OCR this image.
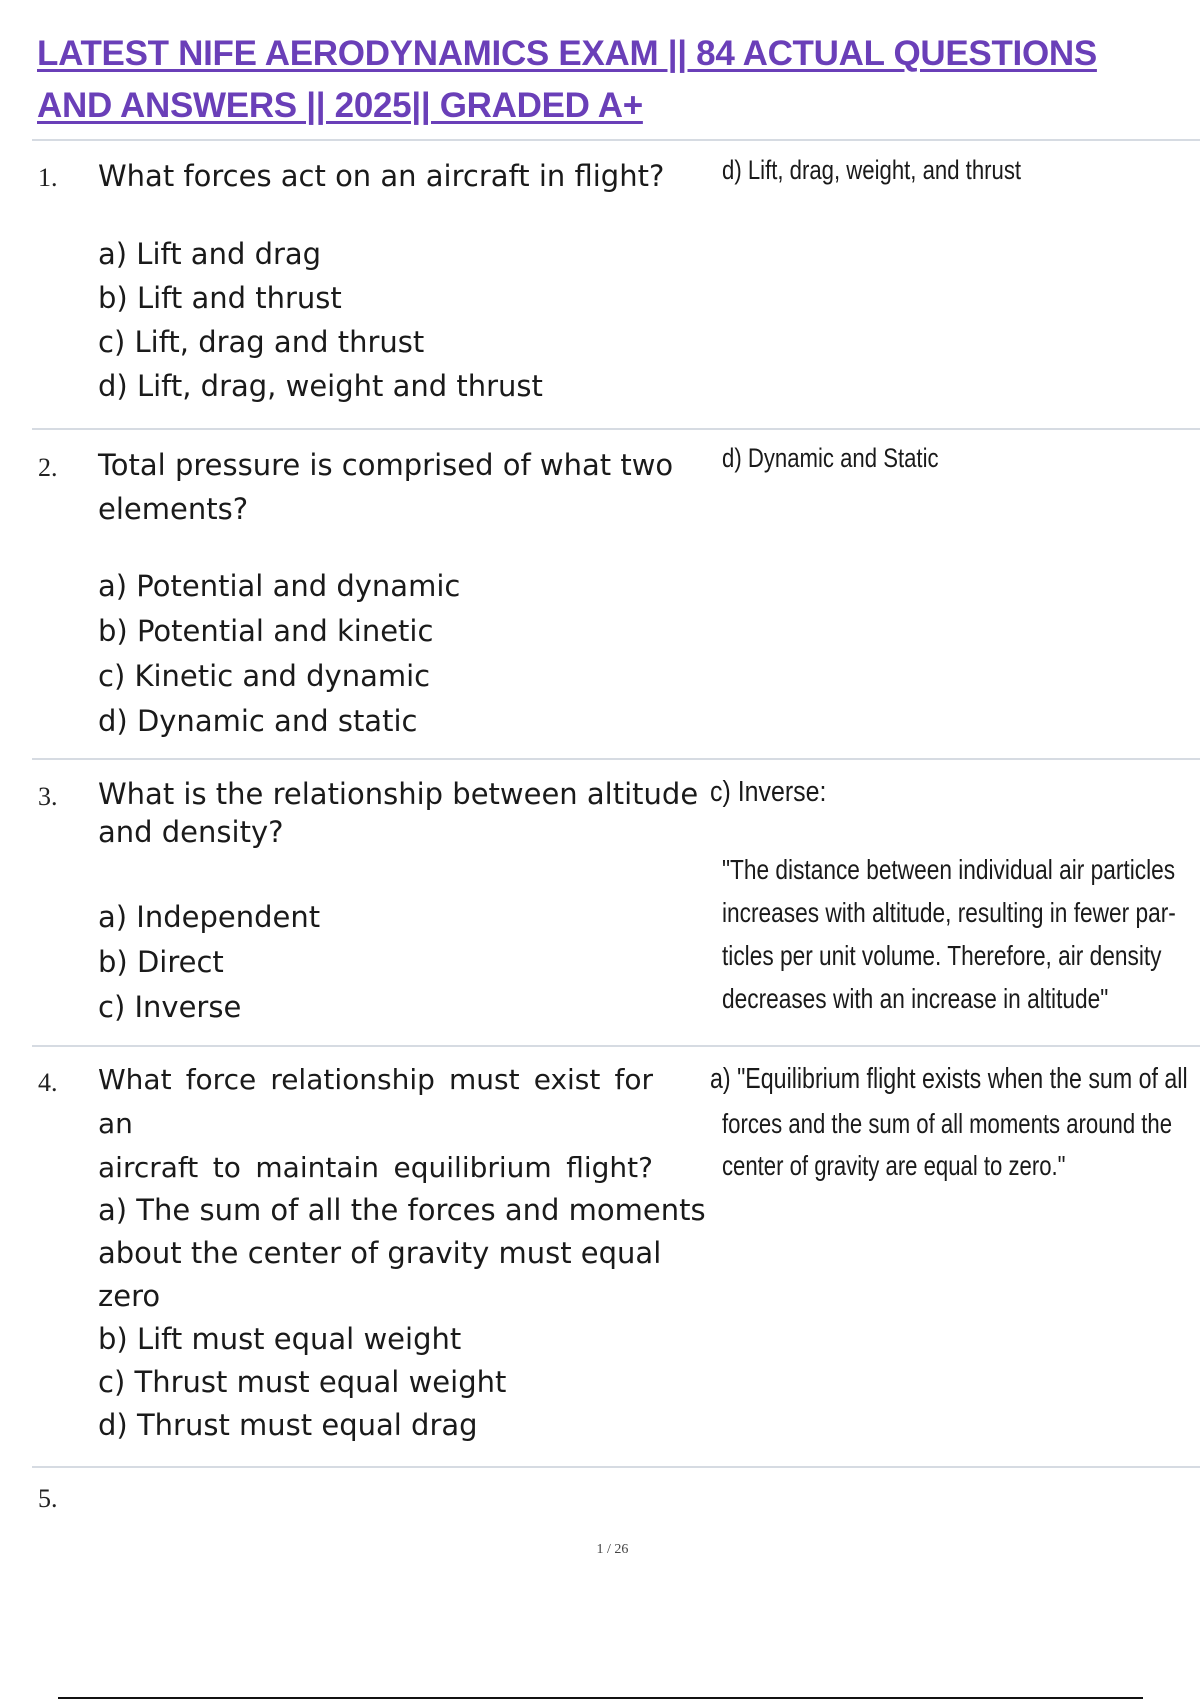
LATEST NIFE AERODYNAMICS EXAM || 84 ACTUAL QUESTIONS
AND ANSWERS || 2025|| GRADED A+
1. What forces act on an aircraft in flight? d) Lift, drag, weight, and thrust
a) Lift and drag
b) Lift and thrust
c) Lift, drag and thrust
d) Lift, drag, weight and thrust
2. Total pressure is comprised of what two
elements?
d) Dynamic and Static
a) Potential and dynamic
b) Potential and kinetic
c) Kinetic and dynamic
d) Dynamic and static
3. What is the relationship between altitude
and density?
c) Inverse:
"The distance between individual air particles
increases with altitude, resulting in fewer par-
ticles per unit volume. Therefore, air density
decreases with an increase in altitude"
a) Independent
b) Direct
c) Inverse
4. What force relationship must exist for an
aircraft to maintain equilibrium flight?
a) "Equilibrium flight exists when the sum of all
forces and the sum of all moments around the
center of gravity are equal to zero."
a) The sum of all the forces and moments
about the center of gravity must equal
zero
b) Lift must equal weight
c) Thrust must equal weight
d) Thrust must equal drag
5.
1 / 26
